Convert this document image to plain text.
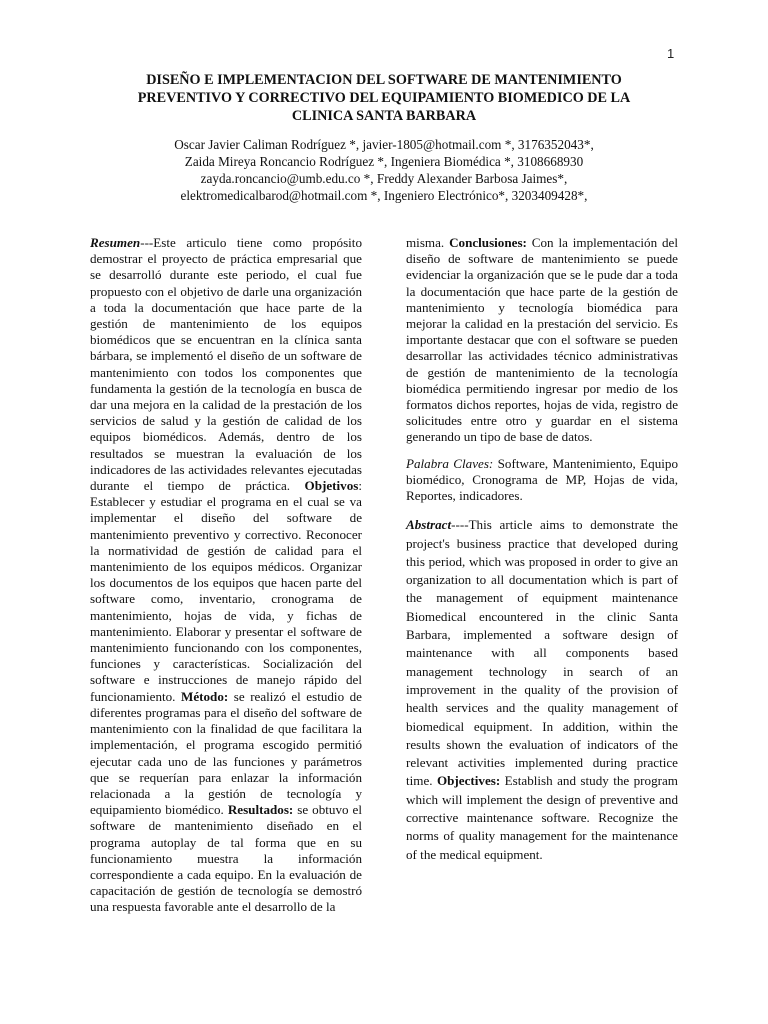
1
DISEÑO E IMPLEMENTACION DEL SOFTWARE DE MANTENIMIENTO
PREVENTIVO Y CORRECTIVO DEL EQUIPAMIENTO BIOMEDICO DE LA
CLINICA SANTA BARBARA
Oscar Javier Caliman Rodríguez *, javier-1805@hotmail.com *, 3176352043*,
Zaida Mireya Roncancio Rodríguez *, Ingeniera Biomédica *, 3108668930
zayda.roncancio@umb.edu.co *, Freddy Alexander Barbosa Jaimes*,
elektromedicalbarod@hotmail.com *, Ingeniero Electrónico*, 3203409428*,

Resumen---Este articulo tiene como propósito demostrar el proyecto de práctica empresarial que se desarrolló durante este periodo, el cual fue propuesto con el objetivo de darle una organización a toda la documentación que hace parte de la gestión de mantenimiento de los equipos biomédicos que se encuentran en la clínica santa bárbara, se implementó el diseño de un software de mantenimiento con todos los componentes que fundamenta la gestión de la tecnología en busca de dar una mejora en la calidad de la prestación de los servicios de salud y la gestión de calidad de los equipos biomédicos. Además, dentro de los resultados se muestran la evaluación de los indicadores de las actividades relevantes ejecutadas durante el tiempo de práctica. Objetivos: Establecer y estudiar el programa en el cual se va implementar el diseño del software de mantenimiento preventivo y correctivo. Reconocer la normatividad de gestión de calidad para el mantenimiento de los equipos médicos. Organizar los documentos de los equipos que hacen parte del software como, inventario, cronograma de mantenimiento, hojas de vida, y fichas de mantenimiento. Elaborar y presentar el software de mantenimiento funcionando con los componentes, funciones y características. Socialización del software e instrucciones de manejo rápido del funcionamiento. Método: se realizó el estudio de diferentes programas para el diseño del software de mantenimiento con la finalidad de que facilitara la implementación, el programa escogido permitió ejecutar cada uno de las funciones y parámetros que se requerían para enlazar la información relacionada a la gestión de tecnología y equipamiento biomédico. Resultados: se obtuvo el software de mantenimiento diseñado en el programa autoplay de tal forma que en su funcionamiento muestra la información correspondiente a cada equipo. En la evaluación de capacitación de gestión de tecnología se demostró una respuesta favorable ante el desarrollo de la

misma. Conclusiones: Con la implementación del diseño de software de mantenimiento se puede evidenciar la organización que se le pude dar a toda la documentación que hace parte de la gestión de mantenimiento y tecnología biomédica para mejorar la calidad en la prestación del servicio. Es importante destacar que con el software se pueden desarrollar las actividades técnico administrativas de gestión de mantenimiento de la tecnología biomédica permitiendo ingresar por medio de los formatos dichos reportes, hojas de vida, registro de solicitudes entre otro y guardar en el sistema generando un tipo de base de datos.

Palabra Claves: Software, Mantenimiento, Equipo biomédico, Cronograma de MP, Hojas de vida, Reportes, indicadores.

Abstract----This article aims to demonstrate the project's business practice that developed during this period, which was proposed in order to give an organization to all documentation which is part of the management of equipment maintenance Biomedical encountered in the clinic Santa Barbara, implemented a software design of maintenance with all components based management technology in search of an improvement in the quality of the provision of health services and the quality management of biomedical equipment. In addition, within the results shown the evaluation of indicators of the relevant activities implemented during practice time. Objectives: Establish and study the program which will implement the design of preventive and corrective maintenance software. Recognize the norms of quality management for the maintenance of the medical equipment.
